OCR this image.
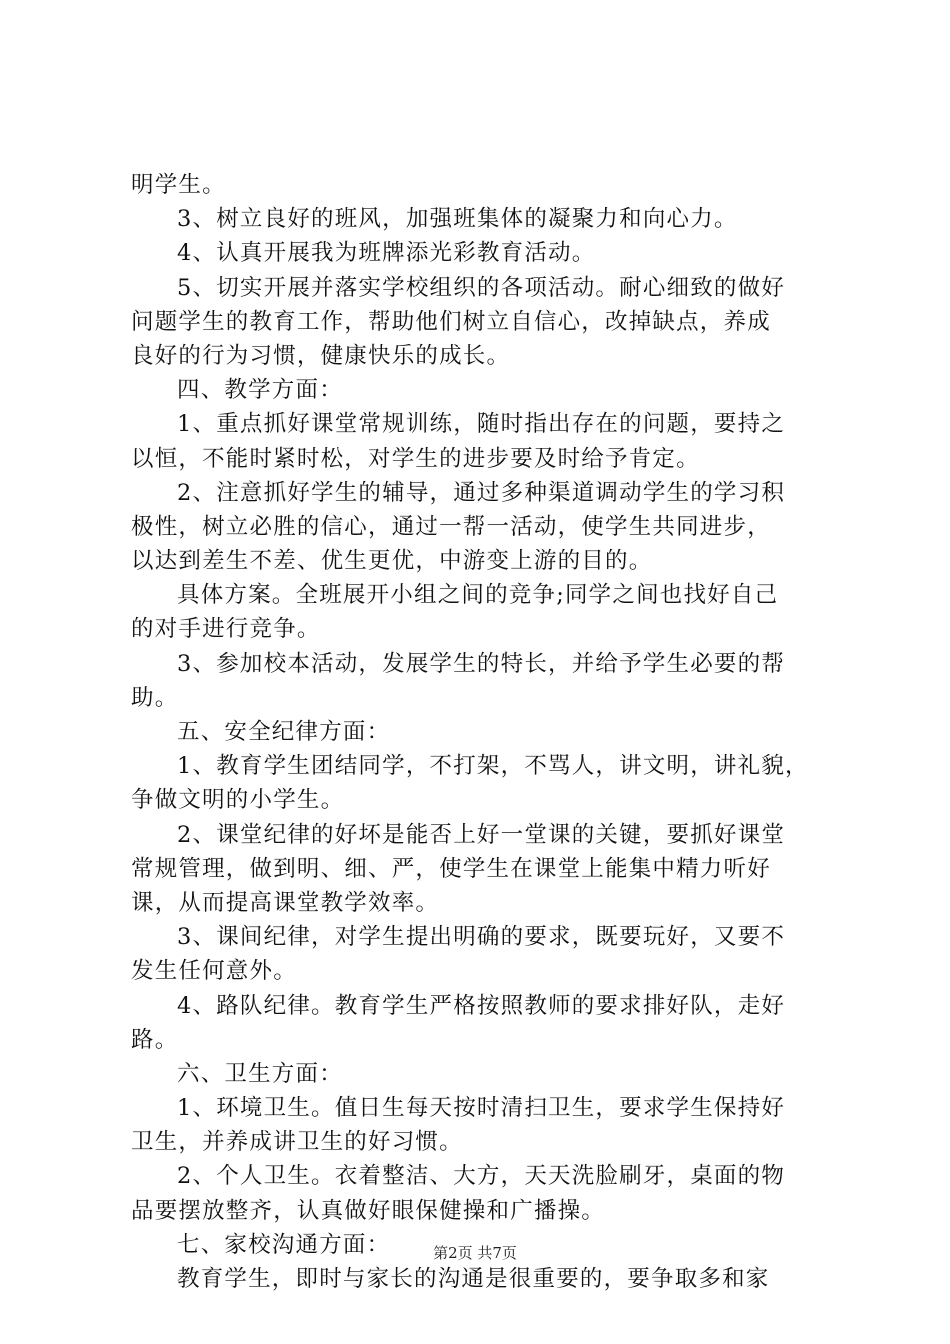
明学生。
3、树立良好的班风，加强班集体的凝聚力和向心力。
4、认真开展我为班牌添光彩教育活动。
5、切实开展并落实学校组织的各项活动。耐心细致的做好
问题学生的教育工作，帮助他们树立自信心，改掉缺点，养成
良好的行为习惯，健康快乐的成长。
四、教学方面：
1、重点抓好课堂常规训练，随时指出存在的问题，要持之
以恒，不能时紧时松，对学生的进步要及时给予肯定。
2、注意抓好学生的辅导，通过多种渠道调动学生的学习积
极性，树立必胜的信心，通过一帮一活动，使学生共同进步，
以达到差生不差、优生更优，中游变上游的目的。
具体方案。全班展开小组之间的竞争;同学之间也找好自己
的对手进行竞争。
3、参加校本活动，发展学生的特长，并给予学生必要的帮
助。
五、安全纪律方面：
1、教育学生团结同学，不打架，不骂人，讲文明，讲礼貌，
争做文明的小学生。
2、课堂纪律的好坏是能否上好一堂课的关键，要抓好课堂
常规管理，做到明、细、严，使学生在课堂上能集中精力听好
课，从而提高课堂教学效率。
3、课间纪律，对学生提出明确的要求，既要玩好，又要不
发生任何意外。
4、路队纪律。教育学生严格按照教师的要求排好队，走好
路。
六、卫生方面：
1、环境卫生。值日生每天按时清扫卫生，要求学生保持好
卫生，并养成讲卫生的好习惯。
2、个人卫生。衣着整洁、大方，天天洗脸刷牙，桌面的物
品要摆放整齐，认真做好眼保健操和广播操。
七、家校沟通方面：
教育学生，即时与家长的沟通是很重要的，要争取多和家
第2页 共7页
